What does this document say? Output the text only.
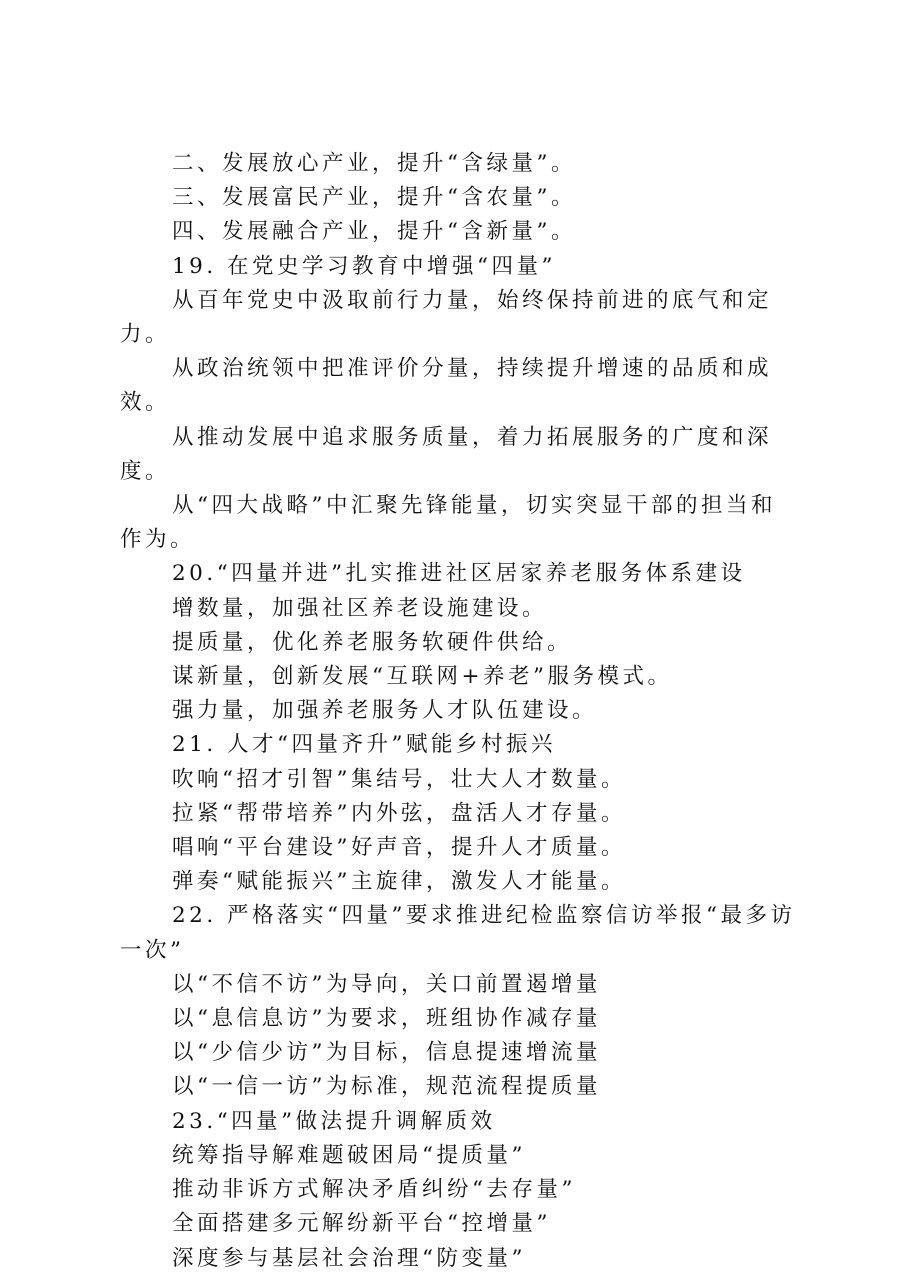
二、发展放心产业，提升“含绿量”。

三、发展富民产业，提升“含农量”。

四、发展融合产业，提升“含新量”。

19. 在党史学习教育中增强“四量”

从百年党史中汲取前行力量，始终保持前进的底气和定力。

从政治统领中把准评价分量，持续提升增速的品质和成效。

从推动发展中追求服务质量，着力拓展服务的广度和深度。

从“四大战略”中汇聚先锋能量，切实突显干部的担当和作为。

20.“四量并进”扎实推进社区居家养老服务体系建设

增数量，加强社区养老设施建设。

提质量，优化养老服务软硬件供给。

谋新量，创新发展“互联网+养老”服务模式。

强力量，加强养老服务人才队伍建设。

21. 人才“四量齐升”赋能乡村振兴

吹响“招才引智”集结号，壮大人才数量。

拉紧“帮带培养”内外弦，盘活人才存量。

唱响“平台建设”好声音，提升人才质量。

弹奏“赋能振兴”主旋律，激发人才能量。

22. 严格落实“四量”要求推进纪检监察信访举报“最多访一次”

以“不信不访”为导向，关口前置遏增量

以“息信息访”为要求，班组协作减存量

以“少信少访”为目标，信息提速增流量

以“一信一访”为标准，规范流程提质量

23.“四量”做法提升调解质效

统筹指导解难题破困局“提质量”

推动非诉方式解决矛盾纠纷“去存量”

全面搭建多元解纷新平台“控增量”

深度参与基层社会治理“防变量”
